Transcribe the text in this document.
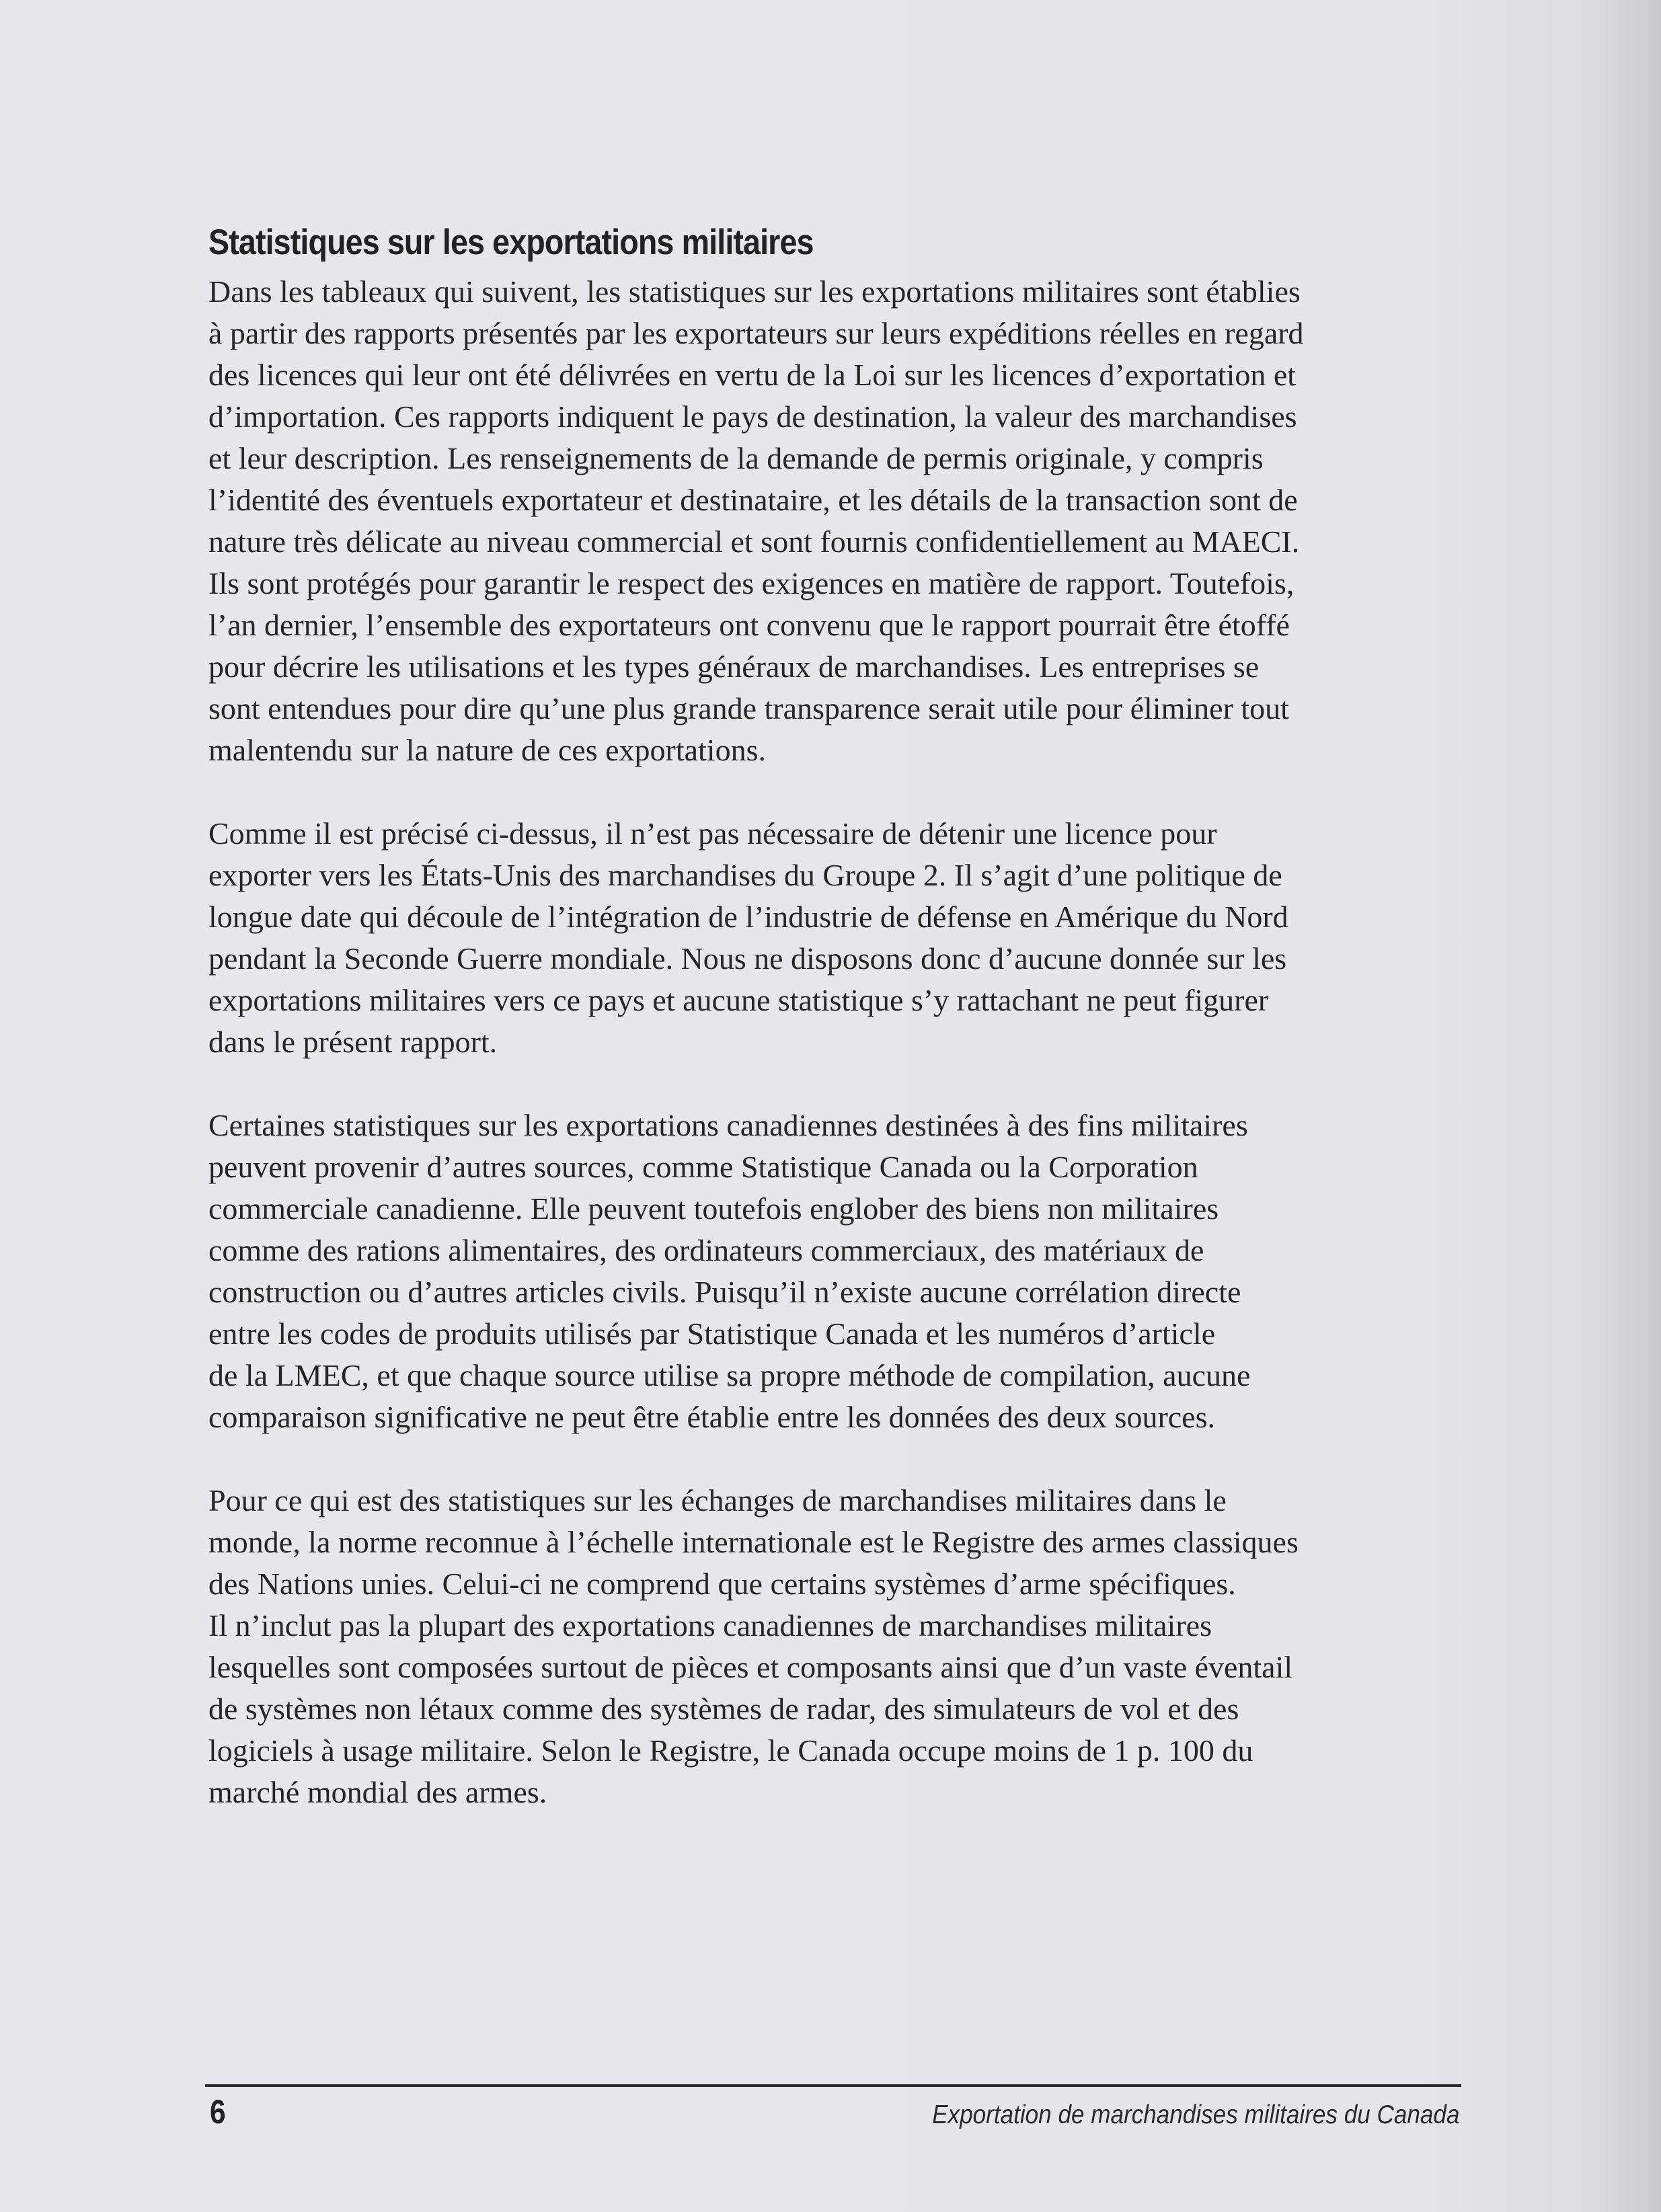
Statistiques sur les exportations militaires

Dans les tableaux qui suivent, les statistiques sur les exportations militaires sont établies
à partir des rapports présentés par les exportateurs sur leurs expéditions réelles en regard
des licences qui leur ont été délivrées en vertu de la Loi sur les licences d’exportation et
d’importation. Ces rapports indiquent le pays de destination, la valeur des marchandises
et leur description. Les renseignements de la demande de permis originale, y compris
l’identité des éventuels exportateur et destinataire, et les détails de la transaction sont de
nature très délicate au niveau commercial et sont fournis confidentiellement au MAECI.
Ils sont protégés pour garantir le respect des exigences en matière de rapport. Toutefois,
l’an dernier, l’ensemble des exportateurs ont convenu que le rapport pourrait être étoffé
pour décrire les utilisations et les types généraux de marchandises. Les entreprises se
sont entendues pour dire qu’une plus grande transparence serait utile pour éliminer tout
malentendu sur la nature de ces exportations.

Comme il est précisé ci-dessus, il n’est pas nécessaire de détenir une licence pour
exporter vers les États-Unis des marchandises du Groupe 2. Il s’agit d’une politique de
longue date qui découle de l’intégration de l’industrie de défense en Amérique du Nord
pendant la Seconde Guerre mondiale. Nous ne disposons donc d’aucune donnée sur les
exportations militaires vers ce pays et aucune statistique s’y rattachant ne peut figurer
dans le présent rapport.

Certaines statistiques sur les exportations canadiennes destinées à des fins militaires
peuvent provenir d’autres sources, comme Statistique Canada ou la Corporation
commerciale canadienne. Elle peuvent toutefois englober des biens non militaires
comme des rations alimentaires, des ordinateurs commerciaux, des matériaux de
construction ou d’autres articles civils. Puisqu’il n’existe aucune corrélation directe
entre les codes de produits utilisés par Statistique Canada et les numéros d’article
de la LMEC, et que chaque source utilise sa propre méthode de compilation, aucune
comparaison significative ne peut être établie entre les données des deux sources.

Pour ce qui est des statistiques sur les échanges de marchandises militaires dans le
monde, la norme reconnue à l’échelle internationale est le Registre des armes classiques
des Nations unies. Celui-ci ne comprend que certains systèmes d’arme spécifiques.
Il n’inclut pas la plupart des exportations canadiennes de marchandises militaires
lesquelles sont composées surtout de pièces et composants ainsi que d’un vaste éventail
de systèmes non létaux comme des systèmes de radar, des simulateurs de vol et des
logiciels à usage militaire. Selon le Registre, le Canada occupe moins de 1 p. 100 du
marché mondial des armes.

6	Exportation de marchandises militaires du Canada
